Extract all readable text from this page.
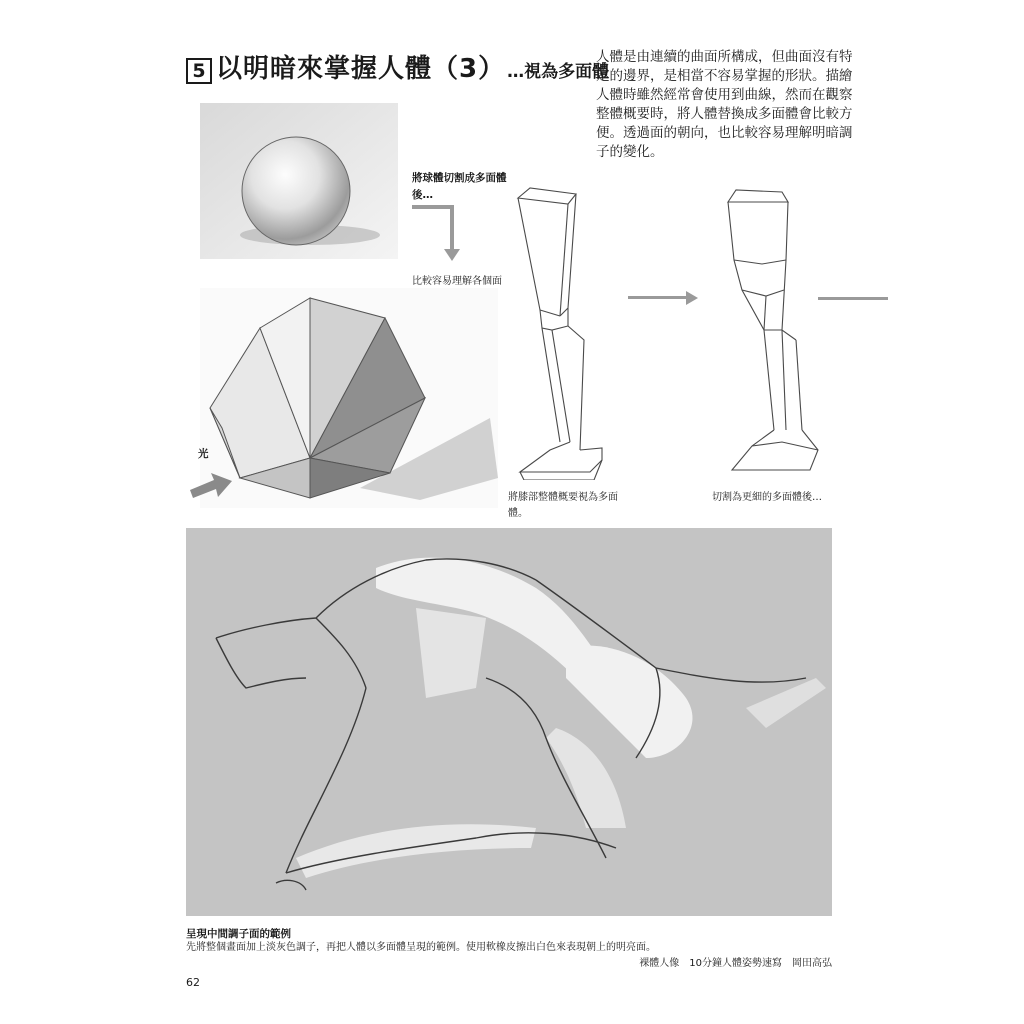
5 以明暗來掌握人體（3） …視為多面體

人體是由連續的曲面所構成，但曲面沒有特定的邊界，是相當不容易掌握的形狀。描繪人體時雖然經常會使用到曲線，然而在觀察整體概要時，將人體替換成多面體會比較方便。透過面的朝向，也比較容易理解明暗調子的變化。

將球體切割成多面體後…
比較容易理解各個面
光
將膝部整體概要視為多面體。
切割為更細的多面體後…
呈現中間調子面的範例
先將整個畫面加上淡灰色調子，再把人體以多面體呈現的範例。使用軟橡皮擦出白色來表現朝上的明亮面。
裸體人像　10分鐘人體姿勢速寫　岡田高弘
62
